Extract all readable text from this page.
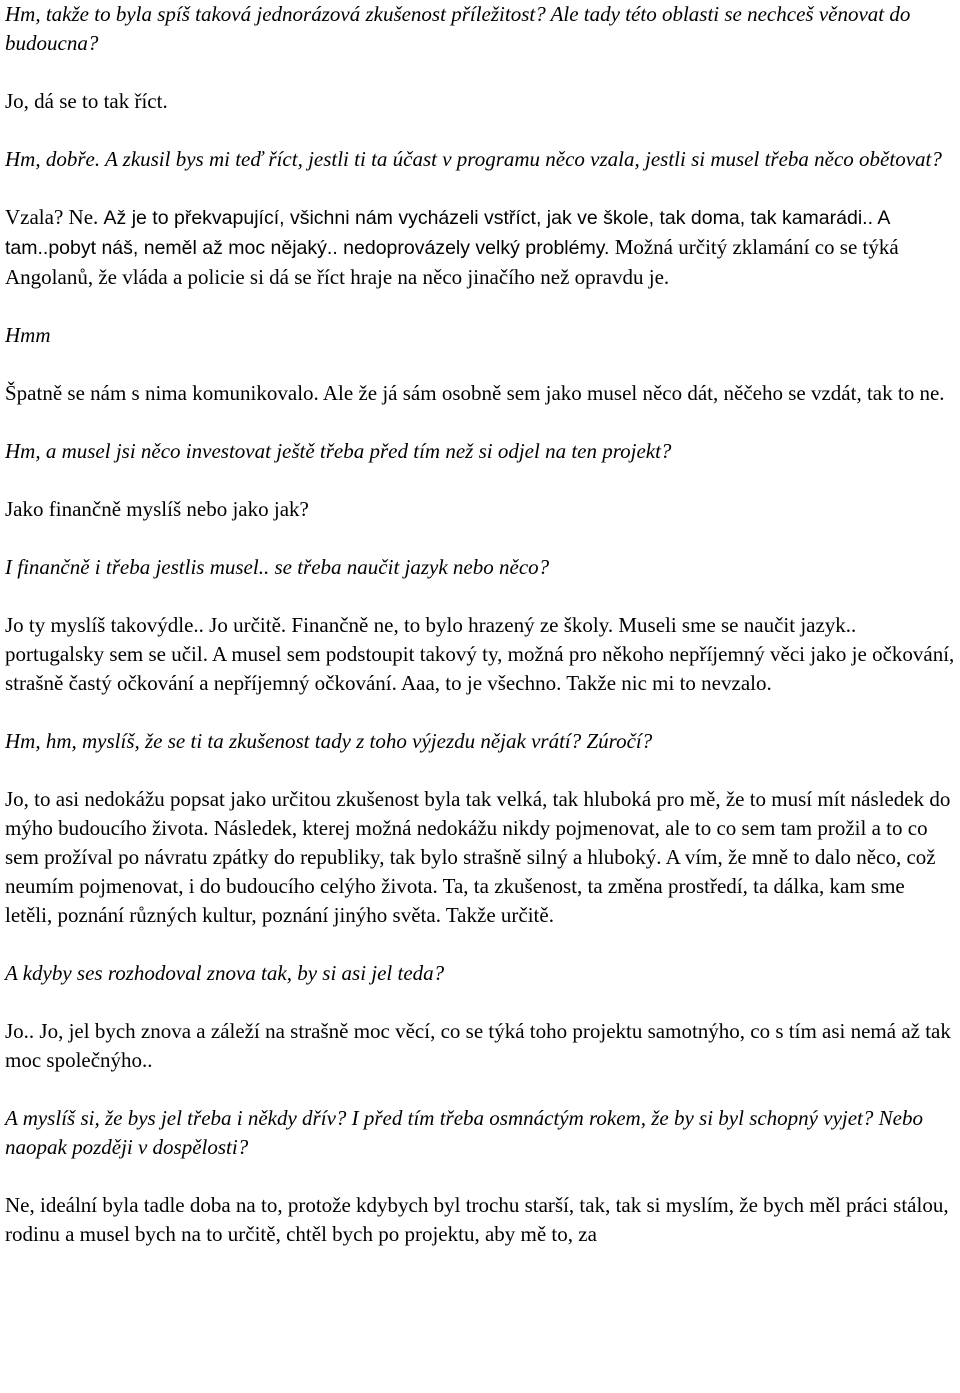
Hm, takže to byla spíš taková jednorázová zkušenost příležitost? Ale tady této oblasti se nechceš věnovat do budoucna?

Jo, dá se to tak říct.

Hm, dobře. A zkusil bys mi teď říct, jestli ti ta účast v programu něco vzala, jestli si musel třeba něco obětovat?

Vzala? Ne. Až je to překvapující, všichni nám vycházeli vstříct, jak ve škole, tak doma, tak kamarádi.. A tam..pobyt náš, neměl až moc nějaký.. nedoprovázely velký problémy. Možná určitý zklamání co se týká Angolanů, že vláda a policie si dá se říct hraje na něco jinačího než opravdu je.

Hmm

Špatně se nám s nima komunikovalo. Ale že já sám osobně sem jako musel něco dát, něčeho se vzdát, tak to ne.

Hm, a musel jsi něco investovat ještě třeba před tím než si odjel na ten projekt?

Jako finančně myslíš nebo jako jak?

I finančně i třeba jestlis musel.. se třeba naučit jazyk nebo něco?

Jo ty myslíš takovýdle.. Jo určitě. Finančně ne, to bylo hrazený ze školy. Museli sme se naučit jazyk.. portugalsky sem se učil. A musel sem podstoupit takový ty, možná pro někoho nepříjemný věci jako je očkování, strašně častý očkování a nepříjemný očkování. Aaa, to je všechno. Takže nic mi to nevzalo.

Hm, hm, myslíš, že se ti ta zkušenost tady z toho výjezdu nějak vrátí? Zúročí?

Jo, to asi nedokážu popsat jako určitou zkušenost byla tak velká, tak hluboká pro mě, že to musí mít následek do mýho budoucího života. Následek, kterej možná nedokážu nikdy pojmenovat, ale to co sem tam prožil a to co sem prožíval po návratu zpátky do republiky, tak bylo strašně silný a hluboký. A vím, že mně to dalo něco, což neumím pojmenovat, i do budoucího celýho života. Ta, ta zkušenost, ta změna prostředí, ta dálka, kam sme letěli, poznání různých kultur, poznání jinýho světa. Takže určitě.

A kdyby ses rozhodoval znova tak, by si asi jel teda?

Jo.. Jo, jel bych znova a záleží na strašně moc věcí, co se týká toho projektu samotnýho, co s tím asi nemá až tak moc společnýho..

A myslíš si, že bys jel třeba i někdy dřív? I před tím třeba osmnáctým rokem, že by si byl schopný vyjet? Nebo naopak později v dospělosti?

Ne, ideální byla tadle doba na to, protože kdybych byl trochu starší, tak, tak si myslím, že bych měl práci stálou, rodinu a musel bych na to určitě, chtěl bych po projektu, aby mě to, za
